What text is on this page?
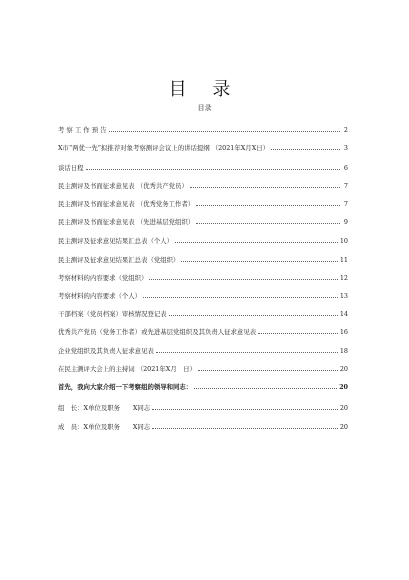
目 录
目录
考 察 工 作 预 告	2
X市“两优一先”拟推荐对象考察测评会议上的讲话提纲 （2021年X月X日）	3
谈话日程	6
民主测评及书面征求意见表 （优秀共产党员）	7
民主测评及书面征求意见表 （优秀党务工作者）	7
民主测评及书面征求意见表 （先进基层党组织）	9
民主测评及征求意见结果汇总表（个人）	10
民主测评及征求意见结果汇总表（党组织）	11
考察材料的内容要求（党组织）	12
考察材料的内容要求（个人）	13
干部档案（党员档案）审核情况登记表	14
优秀共产党员（党务工作者）或先进基层党组织及其负责人征求意见表	16
企业党组织及其负责人征求意见表	18
在民主测评大会上的主持词 （2021年X月　日）	20
首先，我向大家介绍一下考察组的领导和同志：	20
组　长：X单位及职务　　X同志	20
成　员：X单位及职务　　X同志	20
